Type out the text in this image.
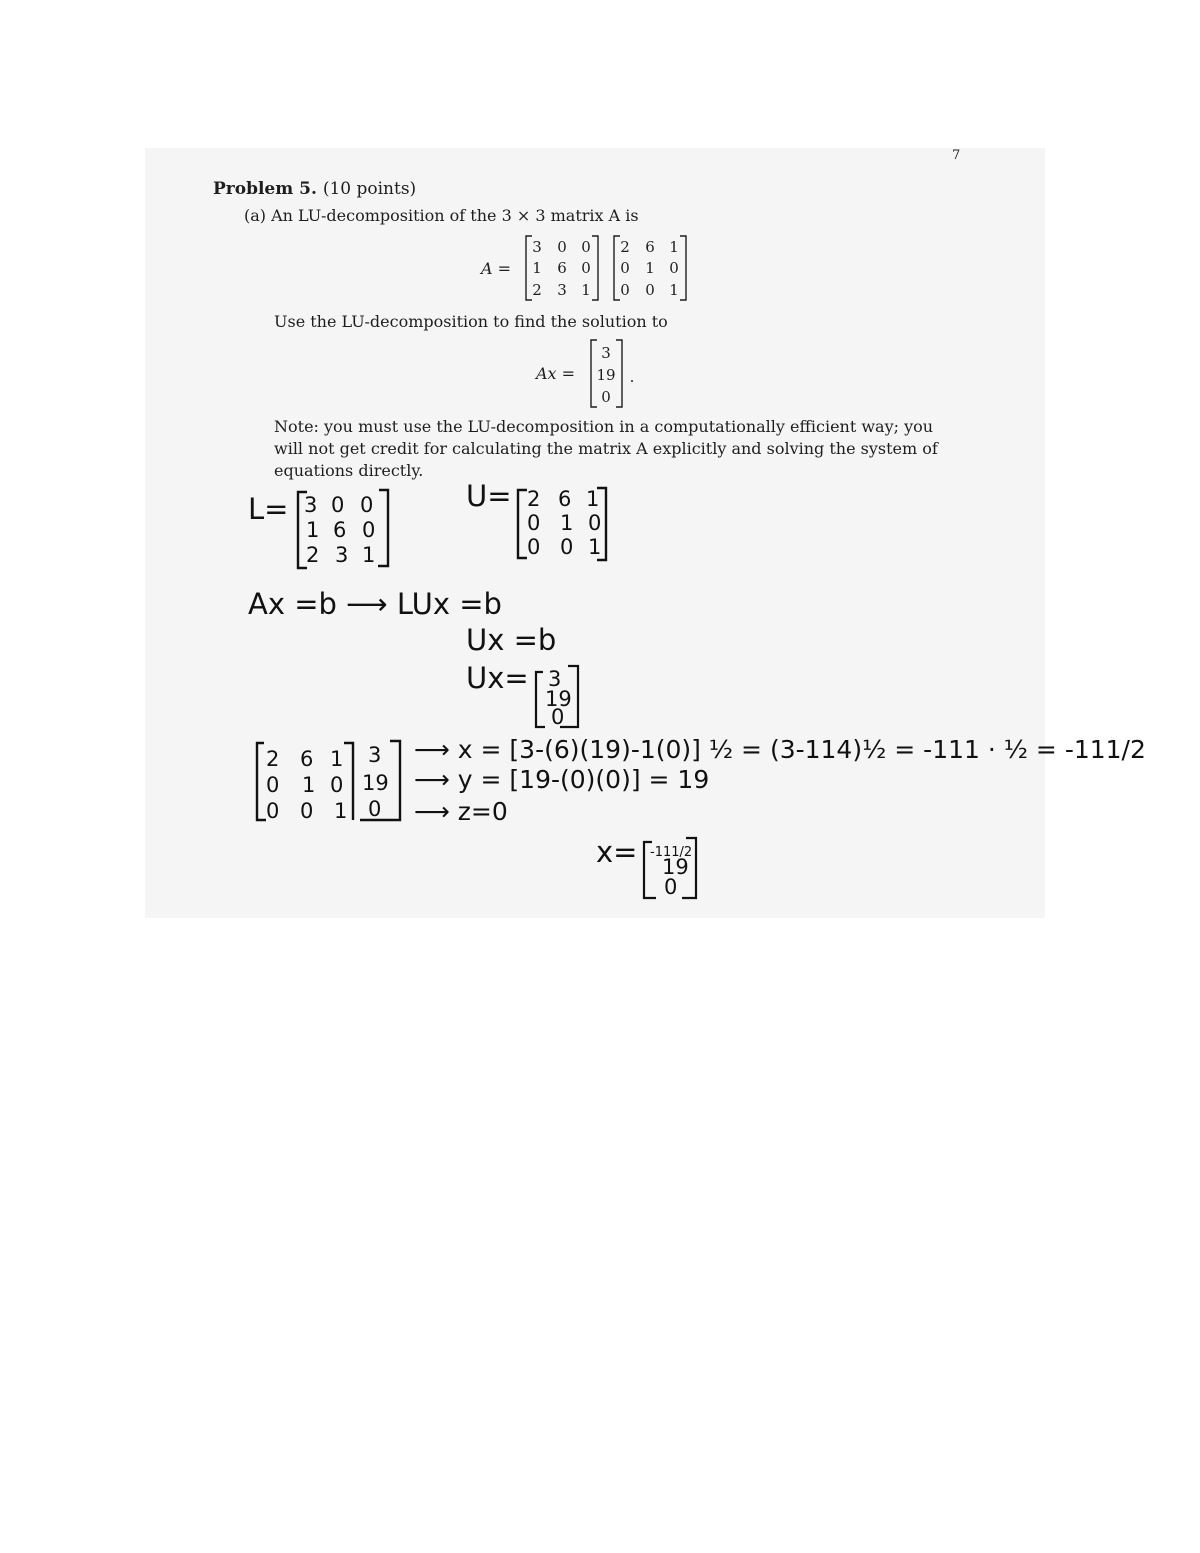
7
Problem 5. (10 points)
(a) An LU-decomposition of the 3 × 3 matrix A is
A =
Use the LU-decomposition to find the solution to
Ax =
Note: you must use the LU-decomposition in a computationally efficient way; you
will not get credit for calculating the matrix A explicitly and solving the system of
equations directly.
3 0 0
1 6 0
2 3 1
2 6 1
0 1 0
0 0 1
3
19
0
.
L= 3 0 0
1 6 0
2 3 1
U= 2 6 1
0 1 0
0 0 1
Ax =b ⟶ LUx =b
Ux =b
Ux= 3
19
0
2 6 1
0 1 0
0 0 1
3
19
0
⟶ x = [3-(6)(19)-1(0)] ½ = (3-114)½ = -111 · ½ = -111/2
⟶ y = [19-(0)(0)] = 19
⟶ z=0
x= -111/2
19
0
